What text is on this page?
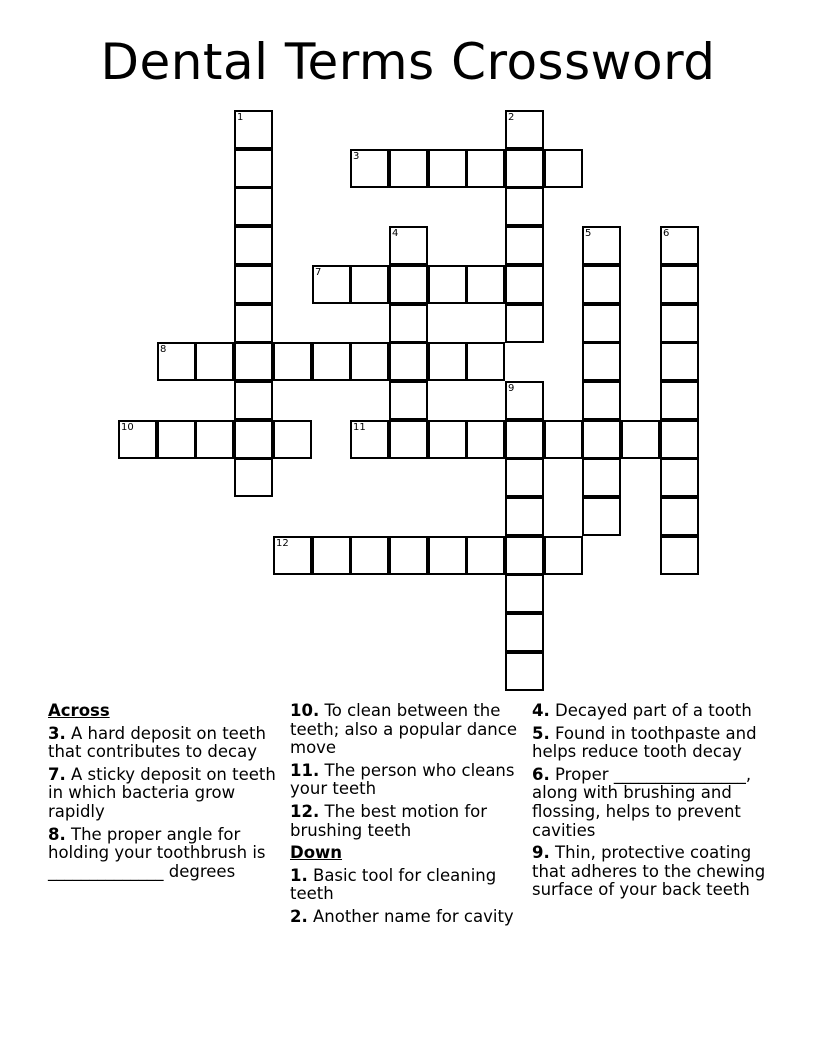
Dental Terms Crossword
1	2
3
4	5	6
7
8
9
10	11
12
Across
3. A hard deposit on teeth that contributes to decay
7. A sticky deposit on teeth in which bacteria grow rapidly
8. The proper angle for holding your toothbrush is ______________ degrees
10. To clean between the teeth; also a popular dance move
11. The person who cleans your teeth
12. The best motion for brushing teeth
Down
1. Basic tool for cleaning teeth
2. Another name for cavity
4. Decayed part of a tooth
5. Found in toothpaste and helps reduce tooth decay
6. Proper ________________, along with brushing and flossing, helps to prevent cavities
9. Thin, protective coating that adheres to the chewing surface of your back teeth
